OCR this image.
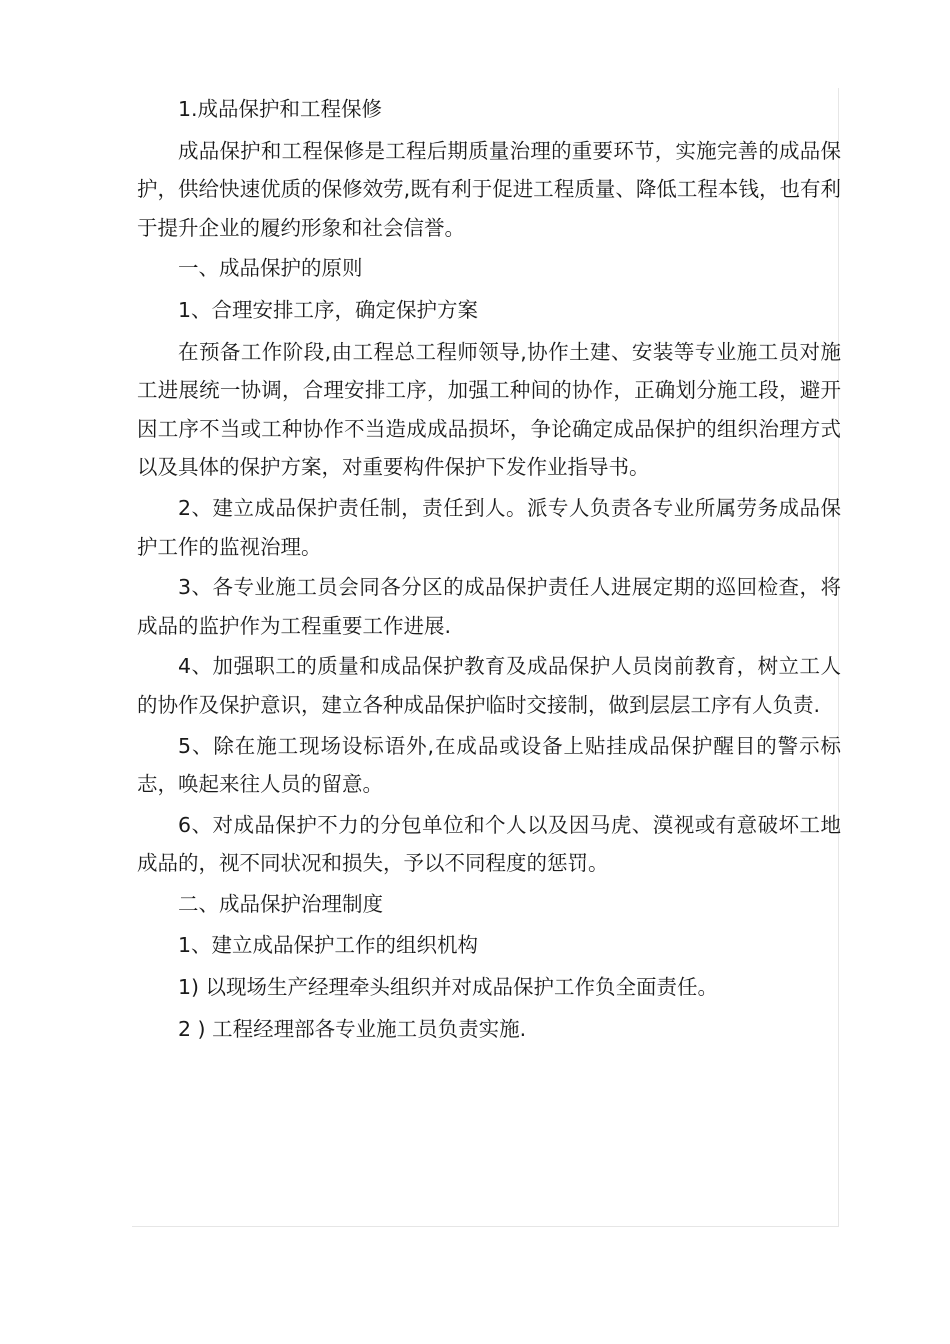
1.成品保护和工程保修

成品保护和工程保修是工程后期质量治理的重要环节，实施完善的成品保护，供给快速优质的保修效劳,既有利于促进工程质量、降低工程本钱，也有利于提升企业的履约形象和社会信誉。

一、成品保护的原则

1、合理安排工序，确定保护方案

在预备工作阶段,由工程总工程师领导,协作土建、安装等专业施工员对施工进展统一协调，合理安排工序，加强工种间的协作，正确划分施工段，避开因工序不当或工种协作不当造成成品损坏，争论确定成品保护的组织治理方式以及具体的保护方案，对重要构件保护下发作业指导书。

2、建立成品保护责任制，责任到人。派专人负责各专业所属劳务成品保护工作的监视治理。

3、各专业施工员会同各分区的成品保护责任人进展定期的巡回检查，将成品的监护作为工程重要工作进展.

4、加强职工的质量和成品保护教育及成品保护人员岗前教育，树立工人的协作及保护意识，建立各种成品保护临时交接制，做到层层工序有人负责.

5、除在施工现场设标语外,在成品或设备上贴挂成品保护醒目的警示标志，唤起来往人员的留意。

6、对成品保护不力的分包单位和个人以及因马虎、漠视或有意破坏工地成品的，视不同状况和损失，予以不同程度的惩罚。

二、成品保护治理制度

1、建立成品保护工作的组织机构

1) 以现场生产经理牵头组织并对成品保护工作负全面责任。

2 ) 工程经理部各专业施工员负责实施.
